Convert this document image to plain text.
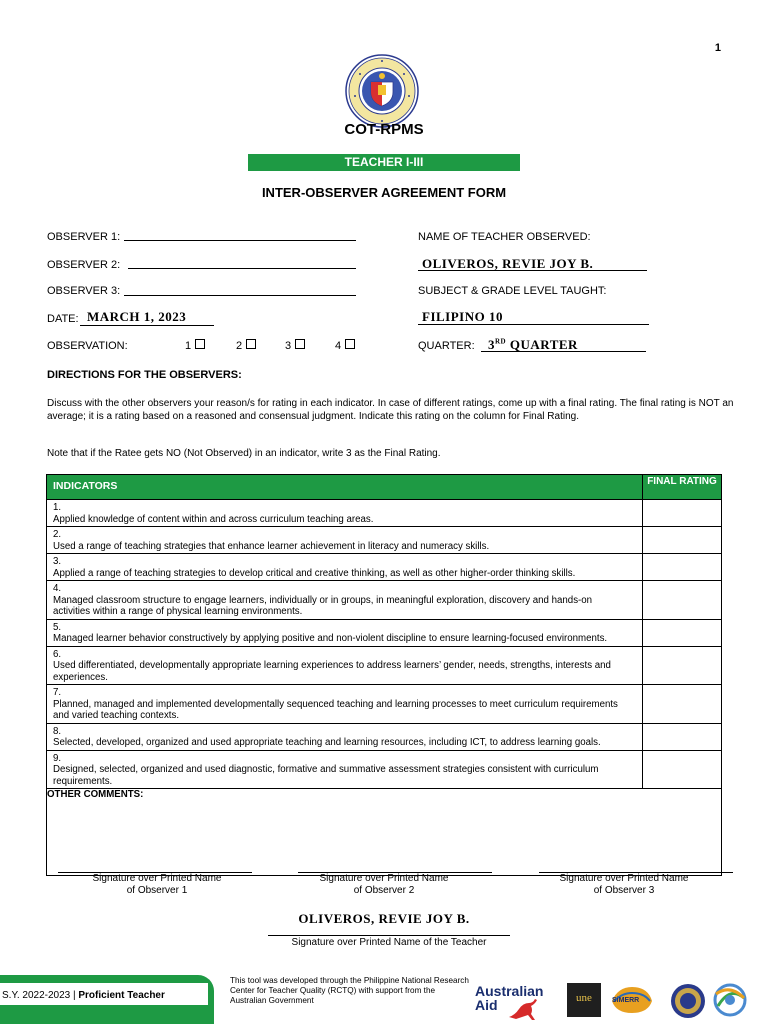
1
COT-RPMS
TEACHER I-III
INTER-OBSERVER AGREEMENT FORM
OBSERVER 1:
OBSERVER 2:
OBSERVER 3:
DATE: MARCH 1, 2023
OBSERVATION:	1	2	3	4
NAME OF TEACHER OBSERVED:
OLIVEROS, REVIE JOY B.
SUBJECT & GRADE LEVEL TAUGHT:
FILIPINO 10
QUARTER: 3RD QUARTER
DIRECTIONS FOR THE OBSERVERS:
Discuss with the other observers your reason/s for rating in each indicator. In case of different ratings, come up with a final rating. The final rating is NOT an average; it is a rating based on a reasoned and consensual judgment. Indicate this rating on the column for Final Rating.
Note that if the Ratee gets NO (Not Observed) in an indicator, write 3 as the Final Rating.
INDICATORS	FINAL RATING
1.Applied knowledge of content within and across curriculum teaching areas.	
2.Used a range of teaching strategies that enhance learner achievement in literacy and numeracy skills.	
3.Applied a range of teaching strategies to develop critical and creative thinking, as well as other higher-order thinking skills.	
4.Managed classroom structure to engage learners, individually or in groups, in meaningful exploration, discovery and hands-on activities within a range of physical learning environments.	
5.Managed learner behavior constructively by applying positive and non-violent discipline to ensure learning-focused environments.	
6.Used differentiated, developmentally appropriate learning experiences to address learners’ gender, needs, strengths, interests and experiences.	
7.Planned, managed and implemented developmentally sequenced teaching and learning processes to meet curriculum requirements and varied teaching contexts.	
8.Selected, developed, organized and used appropriate teaching and learning resources, including ICT, to address learning goals.	
9.Designed, selected, organized and used diagnostic, formative and summative assessment strategies consistent with curriculum requirements.	
OTHER COMMENTS:	
Signature over Printed Name
of Observer 1
Signature over Printed Name
of Observer 2
Signature over Printed Name
of Observer 3
OLIVEROS, REVIE JOY B.
Signature over Printed Name of the Teacher
S.Y. 2022-2023 | Proficient Teacher
This tool was developed through the Philippine National Research Center for Teacher Quality (RCTQ) with support from the Australian Government
Australian
Aid	une	SiMERR
